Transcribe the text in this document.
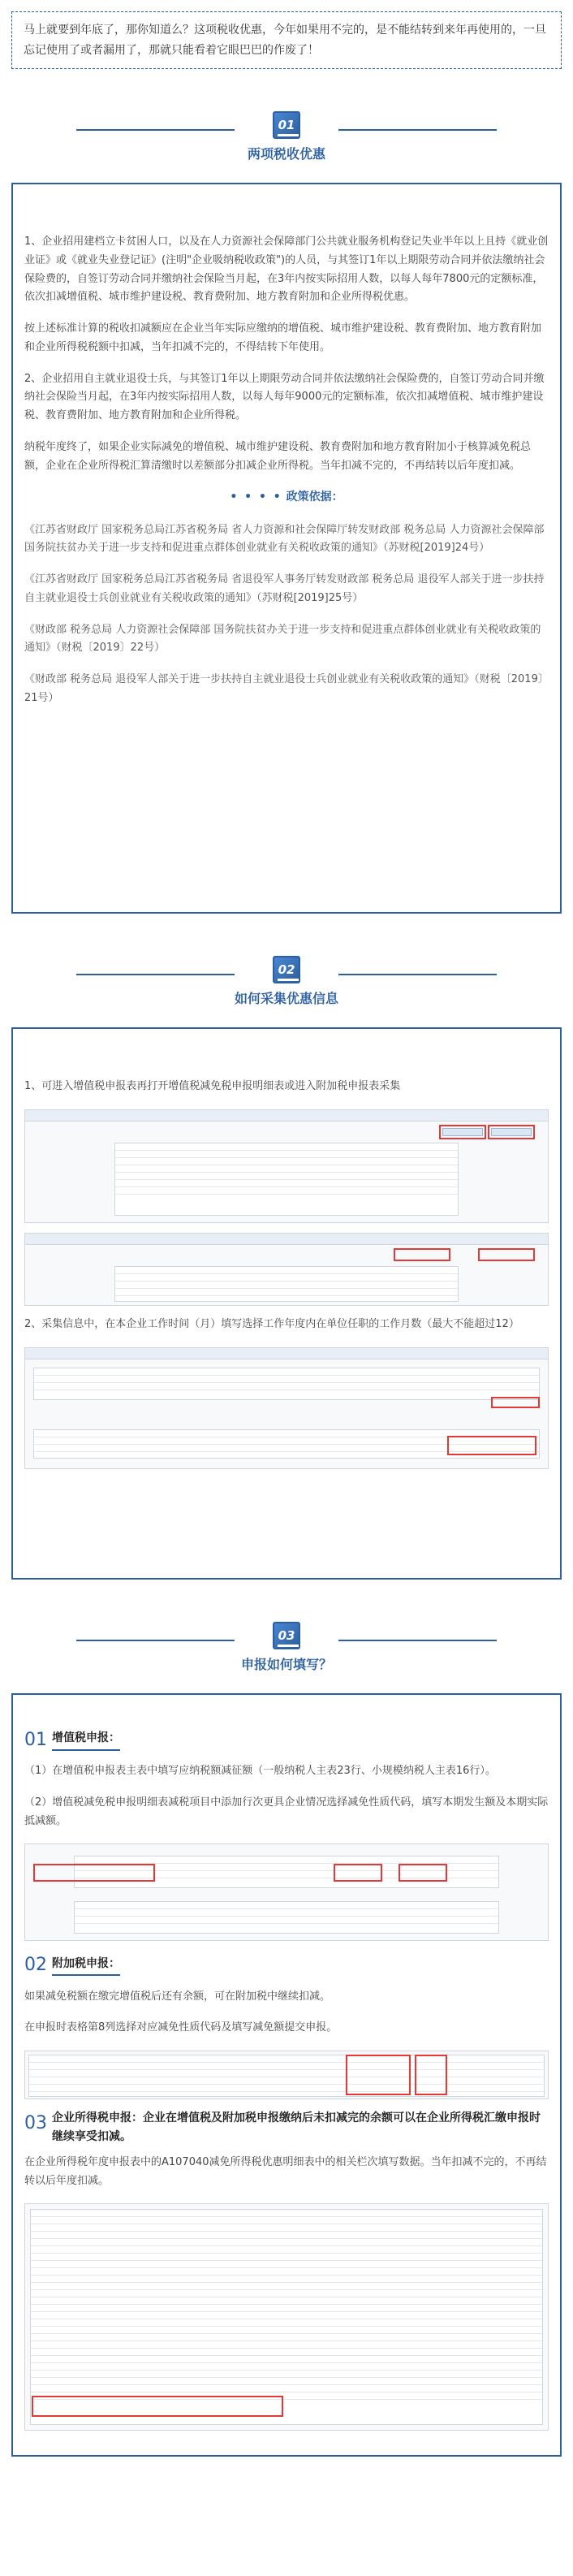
马上就要到年底了，那你知道么？这项税收优惠，今年如果用不完的，是不能结转到来年再使用的，一旦忘记使用了或者漏用了，那就只能看着它眼巴巴的作废了！
01
两项税收优惠

1、企业招用建档立卡贫困人口，以及在人力资源社会保障部门公共就业服务机构登记失业半年以上且持《就业创业证》或《就业失业登记证》(注明"企业吸纳税收政策")的人员，与其签订1年以上期限劳动合同并依法缴纳社会保险费的，自签订劳动合同并缴纳社会保险当月起，在3年内按实际招用人数，以每人每年7800元的定额标准，依次扣减增值税、城市维护建设税、教育费附加、地方教育附加和企业所得税优惠。

按上述标准计算的税收扣减额应在企业当年实际应缴纳的增值税、城市维护建设税、教育费附加、地方教育附加和企业所得税税额中扣减，当年扣减不完的，不得结转下年使用。

2、企业招用自主就业退役士兵，与其签订1年以上期限劳动合同并依法缴纳社会保险费的，自签订劳动合同并缴纳社会保险当月起，在3年内按实际招用人数，以每人每年9000元的定额标准，依次扣减增值税、城市维护建设税、教育费附加、地方教育附加和企业所得税。

纳税年度终了，如果企业实际减免的增值税、城市维护建设税、教育费附加和地方教育附加小于核算减免税总额，企业在企业所得税汇算清缴时以差额部分扣减企业所得税。当年扣减不完的，不再结转以后年度扣减。

• • • • 政策依据：

《江苏省财政厅 国家税务总局江苏省税务局 省人力资源和社会保障厅转发财政部 税务总局 人力资源社会保障部 国务院扶贫办关于进一步支持和促进重点群体创业就业有关税收政策的通知》（苏财税[2019]24号）

《江苏省财政厅 国家税务总局江苏省税务局 省退役军人事务厅转发财政部 税务总局 退役军人部关于进一步扶持自主就业退役士兵创业就业有关税收政策的通知》（苏财税[2019]25号）

《财政部 税务总局 人力资源社会保障部 国务院扶贫办关于进一步支持和促进重点群体创业就业有关税收政策的通知》（财税〔2019〕22号）

《财政部 税务总局 退役军人部关于进一步扶持自主就业退役士兵创业就业有关税收政策的通知》（财税〔2019〕21号）

02
如何采集优惠信息

1、可进入增值税申报表再打开增值税减免税申报明细表或进入附加税申报表采集

2、采集信息中，在本企业工作时间（月）填写选择工作年度内在单位任职的工作月数（最大不能超过12）

03
申报如何填写？
01 增值税申报：

（1）在增值税申报表主表中填写应纳税额减征额（一般纳税人主表23行、小规模纳税人主表16行）。

（2）增值税减免税申报明细表减税项目中添加行次更具企业情况选择减免性质代码，填写本期发生额及本期实际抵减额。

02 附加税申报：

如果减免税额在缴完增值税后还有余额，可在附加税中继续扣减。

在申报时表格第8列选择对应减免性质代码及填写减免额提交申报。

03 企业所得税申报：企业在增值税及附加税申报缴纳后未扣减完的余额可以在企业所得税汇缴申报时继续享受扣减。

在企业所得税年度申报表中的A107040减免所得税优惠明细表中的相关栏次填写数据。当年扣减不完的，不再结转以后年度扣减。
